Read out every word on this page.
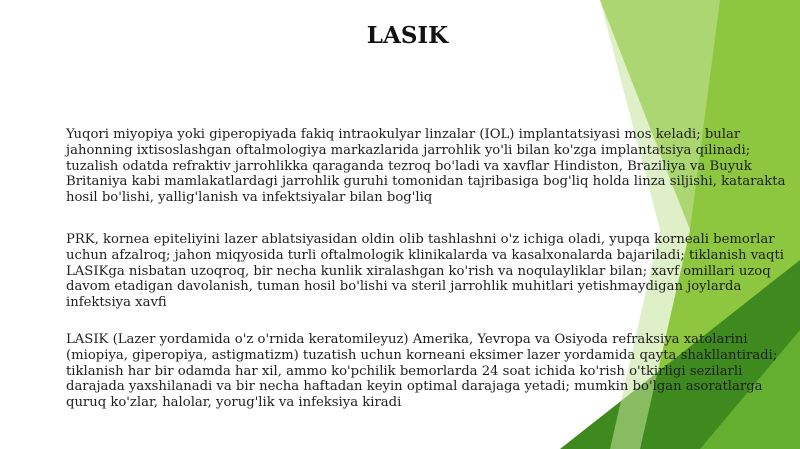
LASIK

Yuqori miyopiya yoki giperopiyada fakiq intraokulyar linzalar (IOL) implantatsiyasi mos keladi; bular jahonning ixtisoslashgan oftalmologiya markazlarida jarrohlik yo'li bilan ko'zga implantatsiya qilinadi; tuzalish odatda refraktiv jarrohlikka qaraganda tezroq bo'ladi va xavflar Hindiston, Braziliya va Buyuk Britaniya kabi mamlakatlardagi jarrohlik guruhi tomonidan tajribasiga bog'liq holda linza siljishi, katarakta hosil bo'lishi, yallig'lanish va infektsiyalar bilan bog'liq

PRK, kornea epiteliyini lazer ablatsiyasidan oldin olib tashlashni o'z ichiga oladi, yupqa korneali bemorlar uchun afzalroq; jahon miqyosida turli oftalmologik klinikalarda va kasalxonalarda bajariladi; tiklanish vaqti LASIKga nisbatan uzoqroq, bir necha kunlik xiralashgan ko'rish va noqulayliklar bilan; xavf omillari uzoq davom etadigan davolanish, tuman hosil bo'lishi va steril jarrohlik muhitlari yetishmaydigan joylarda infektsiya xavfi

LASIK (Lazer yordamida o'z o'rnida keratomileyuz) Amerika, Yevropa va Osiyoda refraksiya xatolarini (miopiya, giperopiya, astigmatizm) tuzatish uchun korneani eksimer lazer yordamida qayta shakllantiradi; tiklanish har bir odamda har xil, ammo ko'pchilik bemorlarda 24 soat ichida ko'rish o'tkirligi sezilarli darajada yaxshilanadi va bir necha haftadan keyin optimal darajaga yetadi; mumkin bo'lgan asoratlarga quruq ko'zlar, halolar, yorug'lik va infeksiya kiradi
